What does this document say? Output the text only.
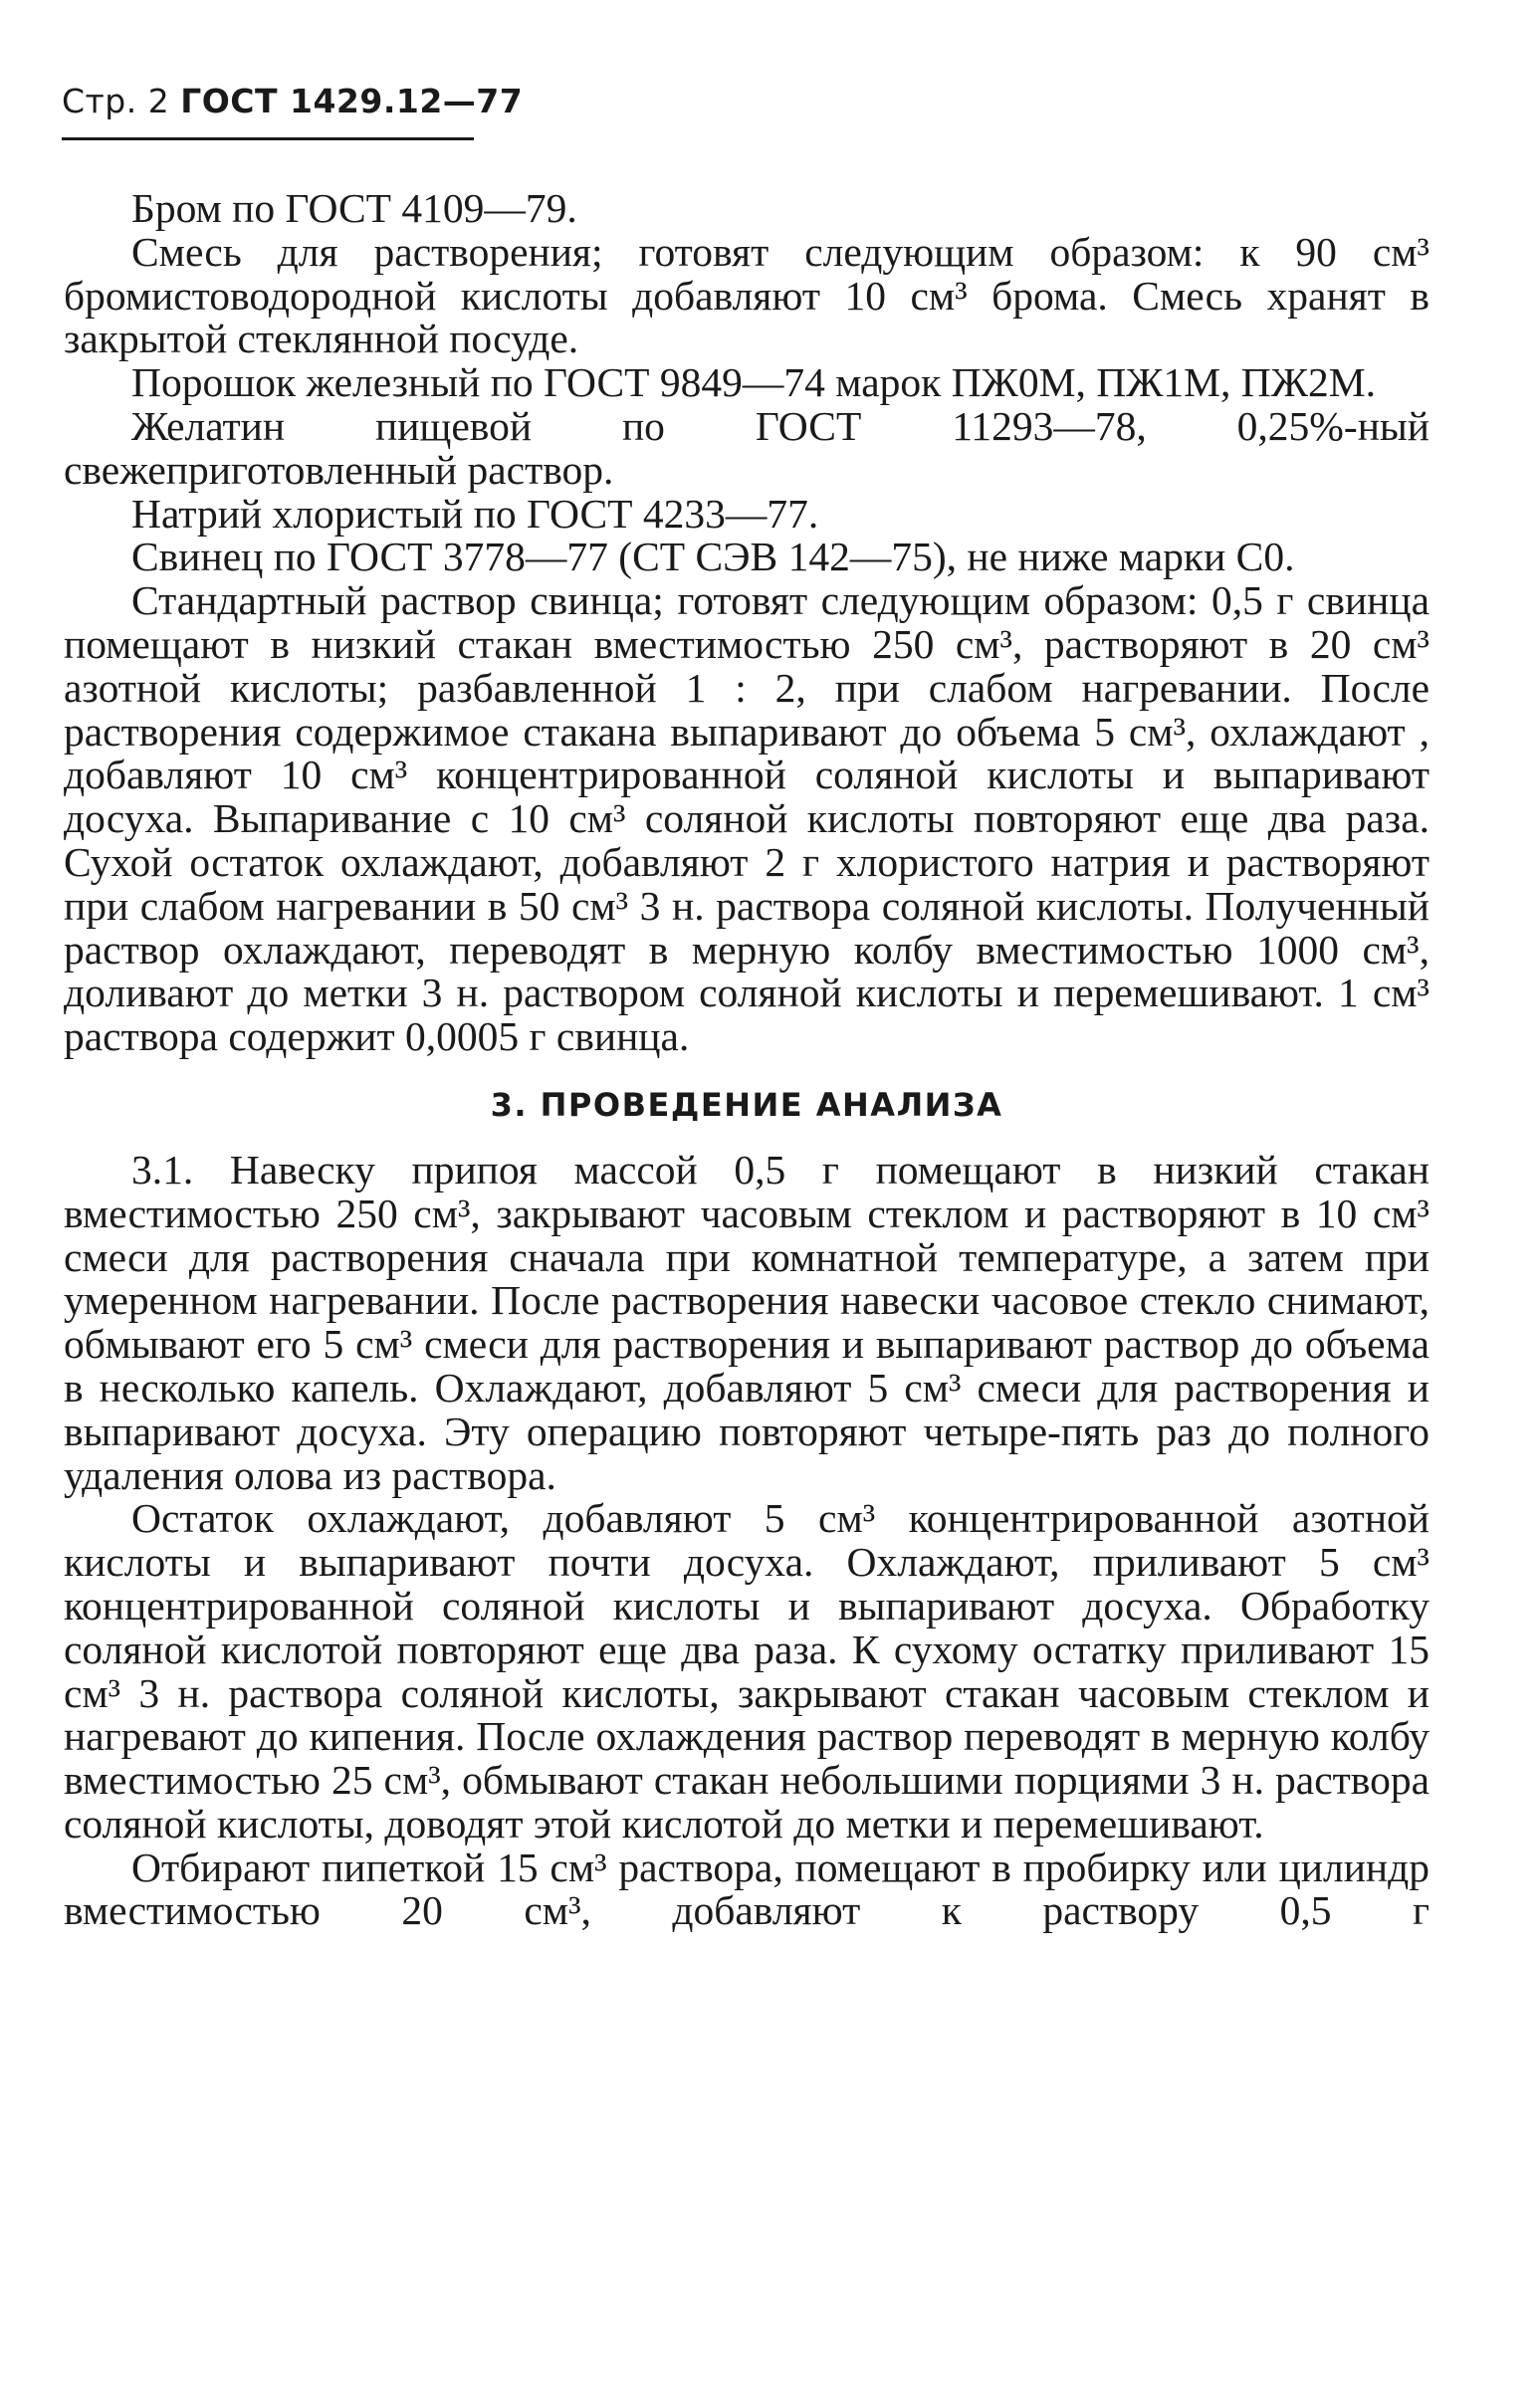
Стр. 2 ГОСТ 1429.12—77

Бром по ГОСТ 4109—79.

Смесь для растворения; готовят следующим образом: к 90 см³ бромистоводородной кислоты добавляют 10 см³ брома. Смесь хранят в закрытой стеклянной посуде.

Порошок железный по ГОСТ 9849—74 марок ПЖ0М, ПЖ1М, ПЖ2М.

Желатин пищевой по ГОСТ 11293—78, 0,25%-ный свежеприготовленный раствор.

Натрий хлористый по ГОСТ 4233—77.

Свинец по ГОСТ 3778—77 (СТ СЭВ 142—75), не ниже марки С0.

Стандартный раствор свинца; готовят следующим образом: 0,5 г свинца помещают в низкий стакан вместимостью 250 см³, растворяют в 20 см³ азотной кислоты; разбавленной 1 : 2, при слабом нагревании. После растворения содержимое стакана выпаривают до объема 5 см³, охлаждают , добавляют 10 см³ концентрированной соляной кислоты и выпаривают досуха. Выпаривание с 10 см³ соляной кислоты повторяют еще два раза. Сухой остаток охлаждают, добавляют 2 г хлористого натрия и растворяют при слабом нагревании в 50 см³ 3 н. раствора соляной кислоты. Полученный раствор охлаждают, переводят в мерную колбу вместимостью 1000 см³, доливают до метки 3 н. раствором соляной кислоты и перемешивают. 1 см³ раствора содержит 0,0005 г свинца.

3. ПРОВЕДЕНИЕ АНАЛИЗА

3.1. Навеску припоя массой 0,5 г помещают в низкий стакан вместимостью 250 см³, закрывают часовым стеклом и растворяют в 10 см³ смеси для растворения сначала при комнатной температуре, а затем при умеренном нагревании. После растворения навески часовое стекло снимают, обмывают его 5 см³ смеси для растворения и выпаривают раствор до объема в несколько капель. Охлаждают, добавляют 5 см³ смеси для растворения и выпаривают досуха. Эту операцию повторяют четыре-пять раз до полного удаления олова из раствора.

Остаток охлаждают, добавляют 5 см³ концентрированной азотной кислоты и выпаривают почти досуха. Охлаждают, приливают 5 см³ концентрированной соляной кислоты и выпаривают досуха. Обработку соляной кислотой повторяют еще два раза. К сухому остатку приливают 15 см³ 3 н. раствора соляной кислоты, закрывают стакан часовым стеклом и нагревают до кипения. После охлаждения раствор переводят в мерную колбу вместимостью 25 см³, обмывают стакан небольшими порциями 3 н. раствора соляной кислоты, доводят этой кислотой до метки и перемешивают.

Отбирают пипеткой 15 см³ раствора, помещают в пробирку или цилиндр вместимостью 20 см³, добавляют к раствору 0,5 г
